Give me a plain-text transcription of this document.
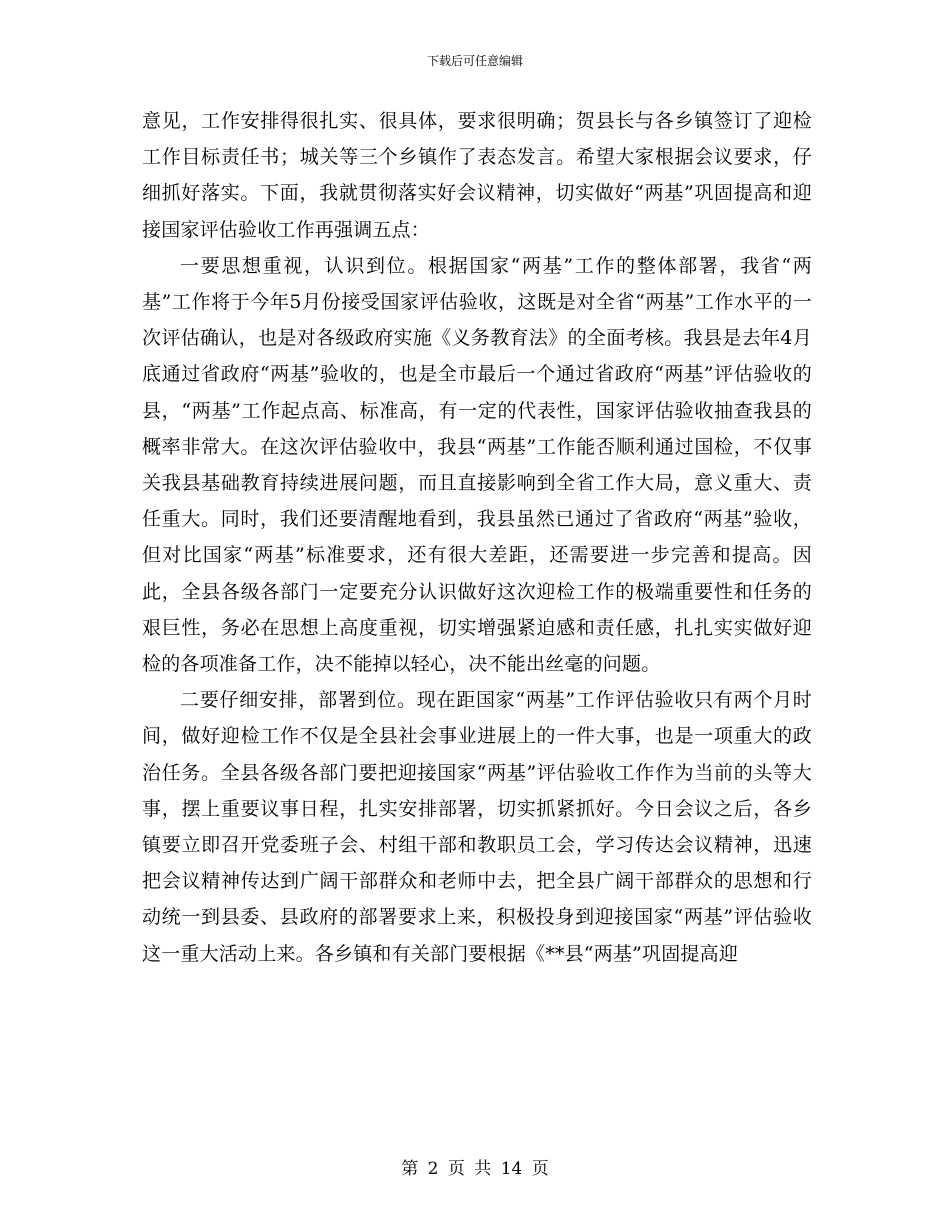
下载后可任意编辑

意见，工作安排得很扎实、很具体，要求很明确；贺县长与各乡镇签订了迎检工作目标责任书；城关等三个乡镇作了表态发言。希望大家根据会议要求，仔细抓好落实。下面，我就贯彻落实好会议精神，切实做好“两基”巩固提高和迎接国家评估验收工作再强调五点：

一要思想重视，认识到位。根据国家“两基”工作的整体部署，我省“两基”工作将于今年5月份接受国家评估验收，这既是对全省“两基”工作水平的一次评估确认，也是对各级政府实施《义务教育法》的全面考核。我县是去年4月底通过省政府“两基”验收的，也是全市最后一个通过省政府“两基”评估验收的县，“两基”工作起点高、标准高，有一定的代表性，国家评估验收抽查我县的概率非常大。在这次评估验收中，我县“两基”工作能否顺利通过国检，不仅事关我县基础教育持续进展问题，而且直接影响到全省工作大局，意义重大、责任重大。同时，我们还要清醒地看到，我县虽然已通过了省政府“两基”验收，但对比国家“两基”标准要求，还有很大差距，还需要进一步完善和提高。因此，全县各级各部门一定要充分认识做好这次迎检工作的极端重要性和任务的艰巨性，务必在思想上高度重视，切实增强紧迫感和责任感，扎扎实实做好迎检的各项准备工作，决不能掉以轻心，决不能出丝毫的问题。

二要仔细安排，部署到位。现在距国家“两基”工作评估验收只有两个月时间，做好迎检工作不仅是全县社会事业进展上的一件大事，也是一项重大的政治任务。全县各级各部门要把迎接国家“两基”评估验收工作作为当前的头等大事，摆上重要议事日程，扎实安排部署，切实抓紧抓好。今日会议之后，各乡镇要立即召开党委班子会、村组干部和教职员工会，学习传达会议精神，迅速把会议精神传达到广阔干部群众和老师中去，把全县广阔干部群众的思想和行动统一到县委、县政府的部署要求上来，积极投身到迎接国家“两基”评估验收这一重大活动上来。各乡镇和有关部门要根据《**县“两基”巩固提高迎

第 2 页 共 14 页
